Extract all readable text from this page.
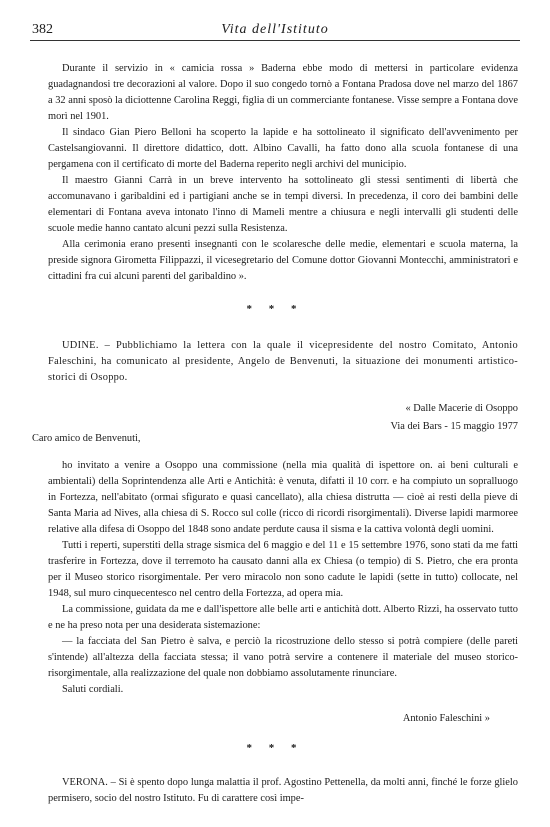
382	Vita dell'Istituto

Durante il servizio in « camicia rossa » Baderna ebbe modo di mettersi in particolare evidenza guadagnandosi tre decorazioni al valore. Dopo il suo congedo tornò a Fontana Pradosa dove nel marzo del 1867 a 32 anni sposò la diciottenne Carolina Reggi, figlia di un commerciante fontanese. Visse sempre a Fontana dove morì nel 1901.

Il sindaco Gian Piero Belloni ha scoperto la lapide e ha sottolineato il significato dell'avvenimento per Castelsangiovanni. Il direttore didattico, dott. Albino Cavalli, ha fatto dono alla scuola fontanese di una pergamena con il certificato di morte del Baderna reperito negli archivi del municipio.

Il maestro Gianni Carrà in un breve intervento ha sottolineato gli stessi sentimenti di libertà che accomunavano i garibaldini ed i partigiani anche se in tempi diversi. In precedenza, il coro dei bambini delle elementari di Fontana aveva intonato l'inno di Mameli mentre a chiusura e negli intervalli gli studenti delle scuole medie hanno cantato alcuni pezzi sulla Resistenza.

Alla cerimonia erano presenti insegnanti con le scolaresche delle medie, elementari e scuola materna, la preside signora Giromettа Filippazzi, il vicesegretario del Comune dottor Giovanni Montecchi, amministratori e cittadini fra cui alcuni parenti del garibaldino ».

* * *

UDINE. – Pubblichiamo la lettera con la quale il vicepresidente del nostro Comitato, Antonio Faleschini, ha comunicato al presidente, Angelo de Benvenuti, la situazione dei monumenti artistico-storici di Osoppo.

« Dalle Macerie di Osoppo
Via dei Bars - 15 maggio 1977

Caro amico de Benvenuti,

ho invitato a venire a Osoppo una commissione (nella mia qualità di ispettore on. ai beni culturali e ambientali) della Soprintendenza alle Arti e Antichità: è venuta, difatti il 10 corr. e ha compiuto un sopralluogo in Fortezza, nell'abitato (ormai sfigurato e quasi cancellato), alla chiesa distrutta — cioè ai resti della pieve di Santa Maria ad Nives, alla chiesa di S. Rocco sul colle (ricco di ricordi risorgimentali). Diverse lapidi marmoree relative alla difesa di Osoppo del 1848 sono andate perdute causa il sisma e la cattiva volontà degli uomini.

Tutti i reperti, superstiti della strage sismica del 6 maggio e del 11 e 15 settembre 1976, sono stati da me fatti trasferire in Fortezza, dove il terremoto ha causato danni alla ex Chiesa (o tempio) di S. Pietro, che era pronta per il Museo storico risorgimentale. Per vero miracolo non sono cadute le lapidi (sette in tutto) collocate, nel 1948, sul muro cinquecentesco nel centro della Fortezza, ad opera mia.

La commissione, guidata da me e dall'ispettore alle belle arti e antichità dott. Alberto Rizzi, ha osservato tutto e ne ha preso nota per una desiderata sistemazione:

— la facciata del San Pietro è salva, e perciò la ricostruzione dello stesso si potrà compiere (delle pareti s'intende) all'altezza della facciata stessa; il vano potrà servire a contenere il materiale del museo storico-risorgimentale, alla realizzazione del quale non dobbiamo assolutamente rinunciare.

Saluti cordiali.

Antonio Faleschini »
* * *

VERONA. – Si è spento dopo lunga malattia il prof. Agostino Pettenella, da molti anni, finché le forze glielo permisero, socio del nostro Istituto. Fu di carattere così impe-
